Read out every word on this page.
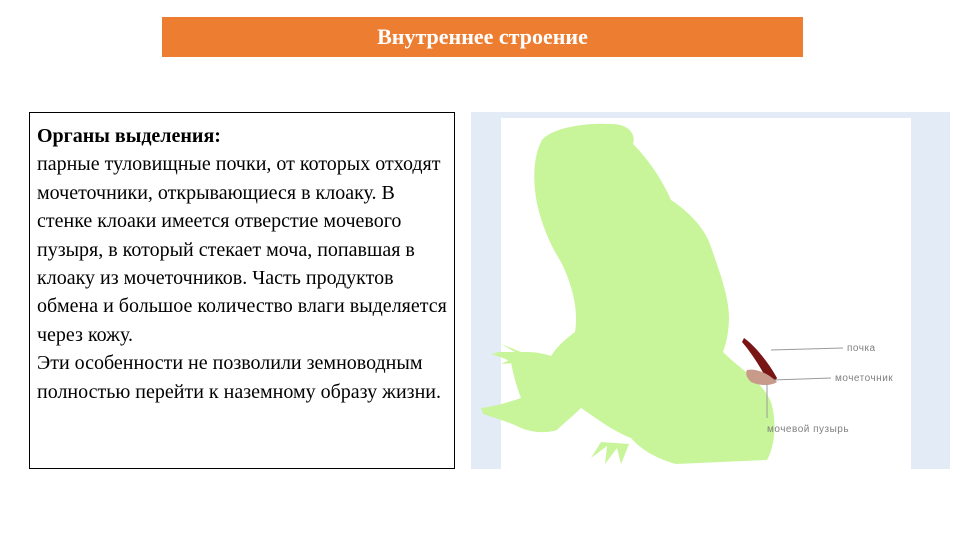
Внутреннее строение
Органы выделения:
парные туловищные почки, от которых отходят мочеточники, открывающиеся в клоаку. В стенке клоаки имеется отверстие мочевого пузыря, в который стекает моча, попавшая в клоаку из мочеточников. Часть продуктов обмена и большое количество влаги выделяется через кожу.
Эти особенности не позволили земноводным полностью перейти к наземному образу жизни.
почка
мочеточник
мочевой пузырь
